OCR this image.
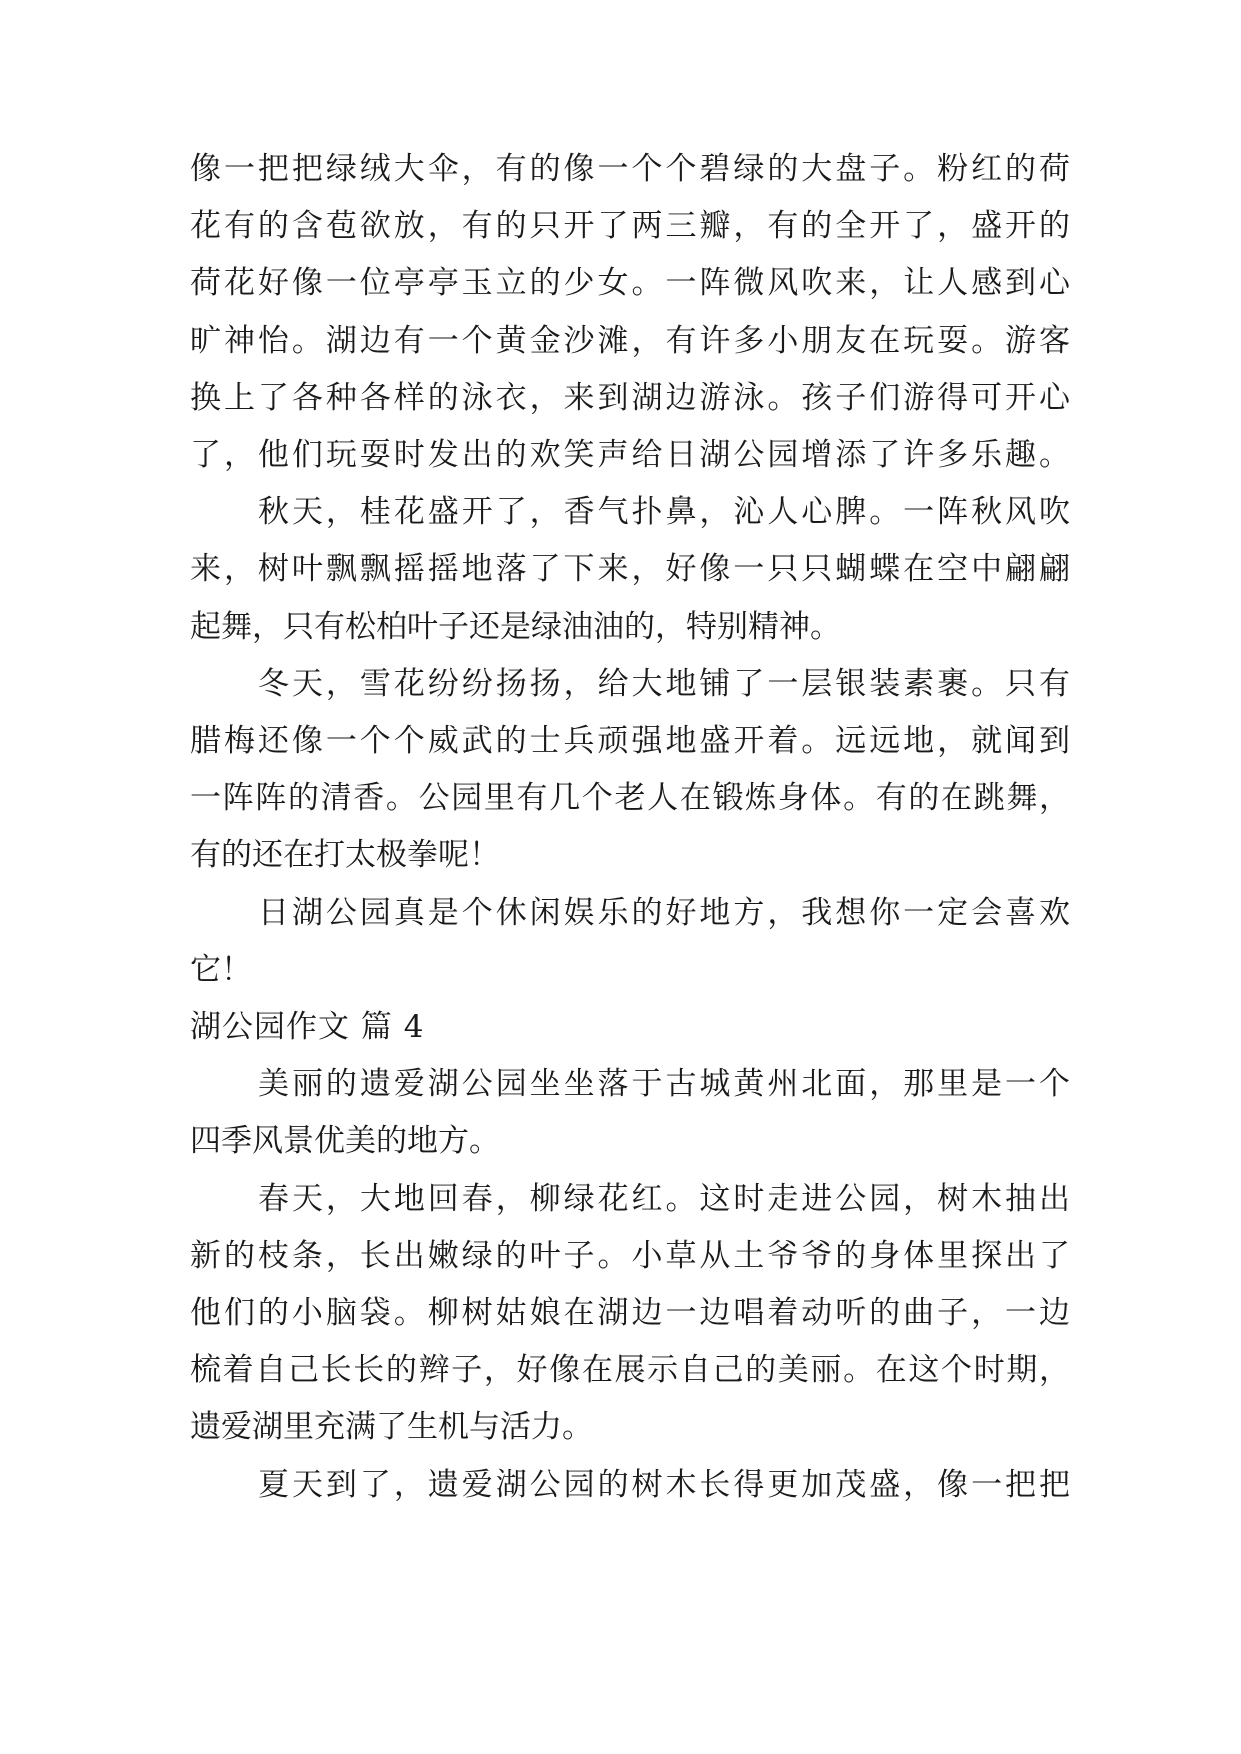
像一把把绿绒大伞，有的像一个个碧绿的大盘子。粉红的荷
花有的含苞欲放，有的只开了两三瓣，有的全开了，盛开的
荷花好像一位亭亭玉立的少女。一阵微风吹来，让人感到心
旷神怡。湖边有一个黄金沙滩，有许多小朋友在玩耍。游客
换上了各种各样的泳衣，来到湖边游泳。孩子们游得可开心
了，他们玩耍时发出的欢笑声给日湖公园增添了许多乐趣。
秋天，桂花盛开了，香气扑鼻，沁人心脾。一阵秋风吹
来，树叶飘飘摇摇地落了下来，好像一只只蝴蝶在空中翩翩
起舞，只有松柏叶子还是绿油油的，特别精神。
冬天，雪花纷纷扬扬，给大地铺了一层银装素裹。只有
腊梅还像一个个威武的士兵顽强地盛开着。远远地，就闻到
一阵阵的清香。公园里有几个老人在锻炼身体。有的在跳舞，
有的还在打太极拳呢！
日湖公园真是个休闲娱乐的好地方，我想你一定会喜欢
它！
湖公园作文 篇 4
美丽的遗爱湖公园坐坐落于古城黄州北面，那里是一个
四季风景优美的地方。
春天，大地回春，柳绿花红。这时走进公园，树木抽出
新的枝条，长出嫩绿的叶子。小草从土爷爷的身体里探出了
他们的小脑袋。柳树姑娘在湖边一边唱着动听的曲子，一边
梳着自己长长的辫子，好像在展示自己的美丽。在这个时期，
遗爱湖里充满了生机与活力。
夏天到了，遗爱湖公园的树木长得更加茂盛，像一把把
